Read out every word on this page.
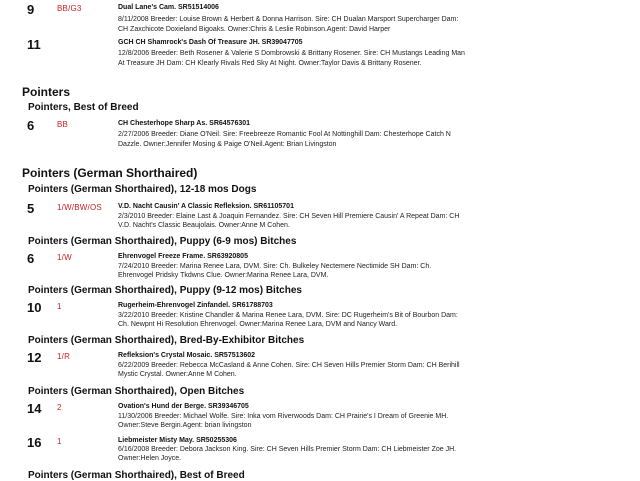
9	BB/G3	Dual Lane's Cam. SR51514006
8/11/2008 Breeder: Louise Brown & Herbert & Donna Harrison. Sire: CH Dualan Marsport Supercharger Dam:
CH Zaxchicote Doxieland Bigoaks. Owner:Chris & Leslie Robinson.Agent: David Harper
11	GCH CH Shamrock's Dash Of Treasure JH. SR39047705
12/8/2006 Breeder: Beth Rosener & Valerie S Dombrowski & Brittany Rosener. Sire: CH Mustangs Leading Man
At Treasure JH Dam: CH Klearly Rivals Red Sky At Night. Owner:Taylor Davis & Brittany Rosener.
Pointers
Pointers, Best of Breed
6	BB	CH Chesterhope Sharp As. SR64576301
2/27/2006 Breeder: Diane O'Neil. Sire: Freebreeze Romantic Fool At Nottinghill Dam: Chesterhope Catch N
Dazzle. Owner:Jennifer Mosing & Paige O'Neil.Agent: Brian Livingston
Pointers (German Shorthaired)
Pointers (German Shorthaired), 12-18 mos Dogs
5	1/W/BW/OS V.D. Nacht Causin' A Classic Refleksion. SR61105701
2/3/2010 Breeder: Elaine Last & Joaquin Fernandez. Sire: CH Seven Hill Premiere Causin' A Repeat Dam: CH
V.D. Nacht's Classic Beaujolais. Owner:Anne M Cohen.
Pointers (German Shorthaired), Puppy (6-9 mos) Bitches
6	1/W	Ehrenvogel Freeze Frame. SR63920805
7/24/2010 Breeder: Marina Renee Lara, DVM. Sire: Ch. Bulkeley Nectemere Nectimide SH Dam: Ch.
Ehrenvogel Pridsky Tkdwns Clue. Owner:Marina Renee Lara, DVM.
Pointers (German Shorthaired), Puppy (9-12 mos) Bitches
10	1	Rugerheim-Ehrenvogel Zinfandel. SR61788703
3/22/2010 Breeder: Kristine Chandler & Marina Renee Lara, DVM. Sire: DC Rugerheim's Bit of Bourbon Dam:
Ch. Newpnt Hi Resolution Ehrenvogel. Owner:Marina Renee Lara, DVM and Nancy Ward.
Pointers (German Shorthaired), Bred-By-Exhibitor Bitches
12	1/R	Refleksion's Crystal Mosaic. SR57513602
6/22/2009 Breeder: Rebecca McCasland & Anne Cohen. Sire: CH Seven Hills Premier Storm Dam: CH Berihill
Mystic Crystal. Owner:Anne M Cohen.
Pointers (German Shorthaired), Open Bitches
14	2	Ovation's Hund der Berge. SR39346705
11/30/2006 Breeder: Michael Wolfe. Sire: Inka vom Riverwoods Dam: CH Prairie's I Dream of Greenie MH.
Owner:Steve Bergin.Agent: brian livingston
16	1	Liebmeister Misty May. SR50255306
6/16/2008 Breeder: Debora Jackson King. Sire: CH Seven Hills Premier Storm Dam: CH Liebmeister Zoe JH.
Owner:Helen Joyce.
Pointers (German Shorthaired), Best of Breed
